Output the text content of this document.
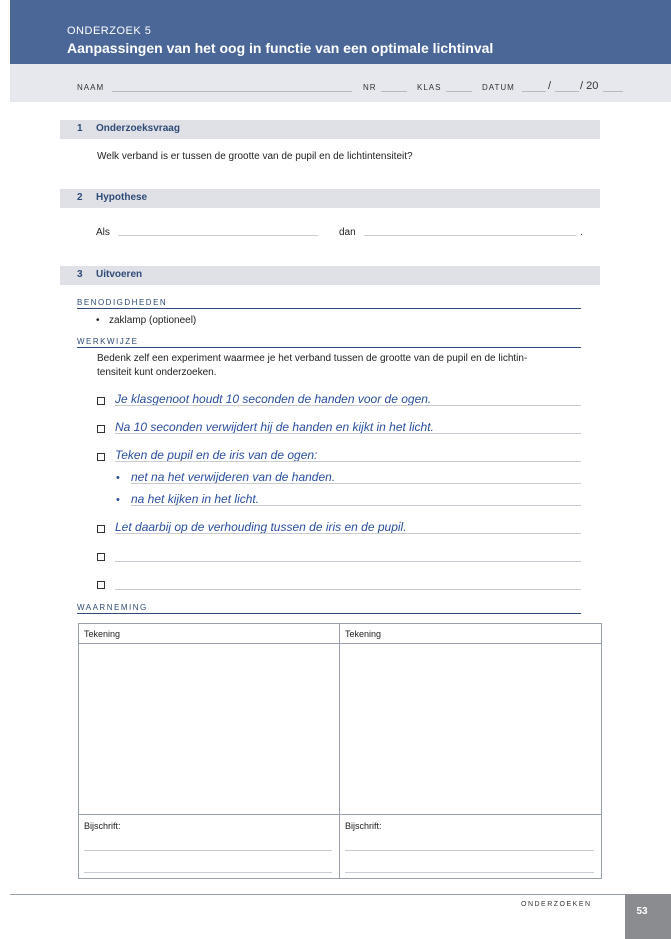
ONDERZOEK 5
Aanpassingen van het oog in functie van een optimale lichtinval
NAAM	NR	KLAS	DATUM	/	/ 20
1 Onderzoeksvraag
Welk verband is er tussen de grootte van de pupil en de lichtintensiteit?
2 Hypothese
Als	dan	.
3 Uitvoeren
BENODIGDHEDEN
• zaklamp (optioneel)
WERKWIJZE
Bedenk zelf een experiment waarmee je het verband tussen de grootte van de pupil en de lichtin-
tensiteit kunt onderzoeken.
Je klasgenoot houdt 10 seconden de handen voor de ogen.
Na 10 seconden verwijdert hij de handen en kijkt in het licht.
Teken de pupil en de iris van de ogen:
• net na het verwijderen van de handen.
• na het kijken in het licht.
Let daarbij op de verhouding tussen de iris en de pupil.
WAARNEMING
Tekening	Tekening
Bijschrift:	Bijschrift:
ONDERZOEKEN
53
